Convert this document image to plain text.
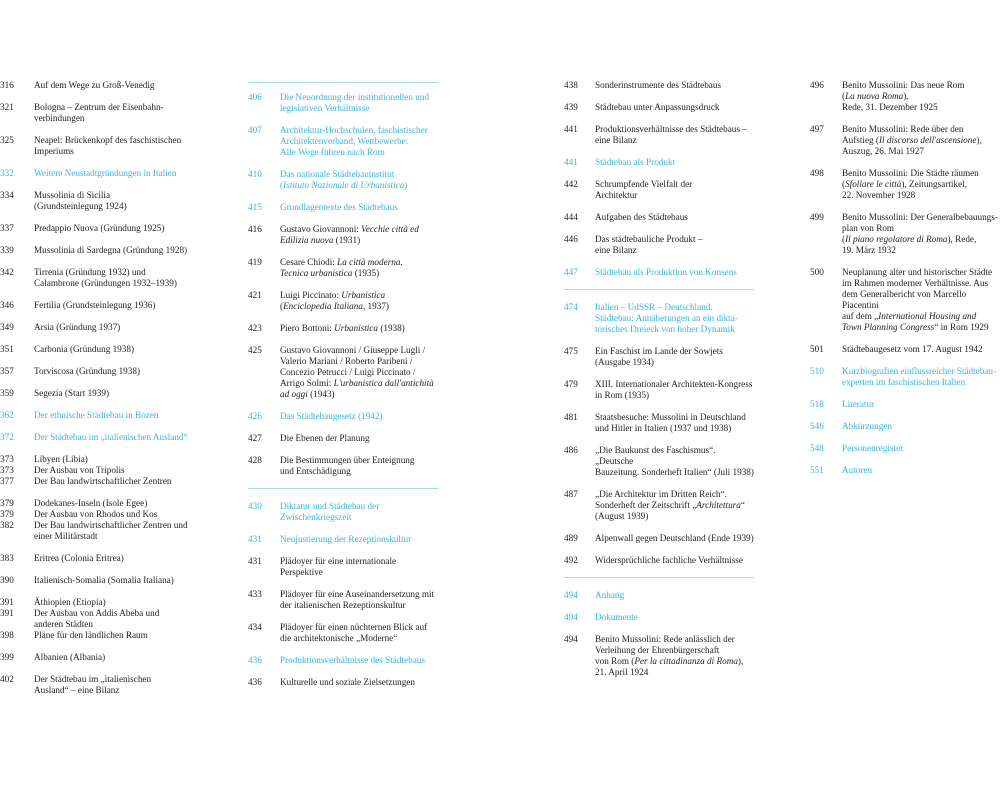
316	Auf dem Wege zu Groß-Venedig
321	Bologna – Zentrum der Eisenbahn-
verbindungen
325	Neapel: Brückenkopf des faschistischen
Imperiums
332	Weitere Neustadtgründungen in Italien
334	Mussolinia di Sicilia
(Grundsteinlegung 1924)
337	Predappio Nuova (Gründung 1925)
339	Mussolinia di Sardegna (Gründung 1928)
342	Tirrenia (Gründung 1932) und
Calambrone (Gründungen 1932–1939)
346	Fertilia (Grundsteinlegung 1936)
349	Arsia (Gründung 1937)
351	Carbonia (Gründung 1938)
357	Torviscosa (Gründung 1938)
359	Segezia (Start 1939)
362	Der ethnische Städtebau in Bozen
372	Der Städtebau im „italienischen Ausland“
373	Libyen (Libia)
373	Der Ausbau von Tripolis
377	Der Bau landwirtschaftlicher Zentren
379	Dodekanes-Inseln (Isole Egee)
379	Der Ausbau von Rhodos und Kos
382	Der Bau landwirtschaftlicher Zentren und
einer Militärstadt
383	Eritrea (Colonia Eritrea)
390	Italienisch-Somalia (Somalia Italiana)
391	Äthiopien (Etiopia)
391	Der Ausbau von Addis Abeba und
anderen Städten
398	Pläne für den ländlichen Raum
399	Albanien (Albania)
402	Der Städtebau im „italienischen
Ausland“ – eine Bilanz
406	Die Neuordnung der institutionellen und
legislativen Verhältnisse
407	Architektur-Hochschulen, faschistischer
Architektenverband, Wettbewerbe:
Alle Wege führen nach Rom
410	Das nationale Städtebauinstitut
(Istituto Nazionale di Urbanistica)
415	Grundlagentexte des Städtebaus
416	Gustavo Giovannoni: Vecchie città ed
Edilizia nuova (1931)
419	Cesare Chiodi: La città moderna.
Tecnica urbanistica (1935)
421	Luigi Piccinato: Urbanistica
(Enciclopedia Italiana, 1937)
423	Piero Bottoni: Urbanistica (1938)
425	Gustavo Giovannoni / Giuseppe Lugli /
Valerio Mariani / Roberto Paribeni /
Concezio Petrucci / Luigi Piccinato /
Arrigo Solmi: L'urbanistica dall'antichità
ad oggi (1943)
426	Das Städtebaugesetz (1942)
427	Die Ebenen der Planung
428	Die Bestimmungen über Enteignung
und Entschädigung
430	Diktatur und Städtebau der
Zwischenkriegszeit
431	Neujustierung der Rezeptionskultur
431	Plädoyer für eine internationale
Perspektive
433	Plädoyer für eine Auseinandersetzung mit
der italienischen Rezeptionskultur
434	Plädoyer für einen nüchternen Blick auf
die architektonische „Moderne“
436	Produktionsverhältnisse des Städtebaus
436	Kulturelle und soziale Zielsetzungen
438	Sonderinstrumente des Städtebaus
439	Städtebau unter Anpassungsdruck
441	Produktionsverhältnisse des Städtebaus –
eine Bilanz
441	Städtebau als Produkt
442	Schrumpfende Vielfalt der
Architektur
444	Aufgaben des Städtebaus
446	Das städtebauliche Produkt –
eine Bilanz
447	Städtebau als Produktion von Konsens
474	Italien – UdSSR – Deutschland.
Städtebau: Annäherungen an ein dikta-
torisches Dreieck von hoher Dynamik
475	Ein Faschist im Lande der Sowjets
(Ausgabe 1934)
479	XIII. Internationaler Architekten-Kongress
in Rom (1935)
481	Staatsbesuche: Mussolini in Deutschland
und Hitler in Italien (1937 und 1938)
486	„Die Baukunst des Faschismus“. „Deutsche
Bauzeitung. Sonderheft Italien“ (Juli 1938)
487	„Die Architektur im Dritten Reich“.
Sonderheft der Zeitschrift „Architettura“
(August 1939)
489	Alpenwall gegen Deutschland (Ende 1939)
492	Widersprüchliche fachliche Verhältnisse
494	Anhang
494	Dokumente
494	Benito Mussolini: Rede anlässlich der
Verleihung der Ehrenbürgerschaft
von Rom (Per la cittadinanza di Roma),
21. April 1924
496	Benito Mussolini: Das neue Rom
(La nuova Roma),
Rede, 31. Dezember 1925
497	Benito Mussolini: Rede über den
Aufstieg (Il discorso dell'ascensione),
Auszug, 26. Mai 1927
498	Benito Mussolini: Die Städte räumen
(Sfollare le città), Zeitungsartikel,
22. November 1928
499	Benito Mussolini: Der Generalbebauungs-
plan von Rom
(Il piano regolatore di Roma), Rede,
19. März 1932
500	Neuplanung alter und historischer Städte
im Rahmen moderner Verhältnisse. Aus
dem Generalbericht von Marcello Piacentini
auf dem „International Housing and
Town Planning Congress“ in Rom 1929
501	Städtebaugesetz vom 17. August 1942
510	Kurzbiografien einflussreicher Städtebau-
experten im faschistischen Italien
518	Literatur
546	Abkürzungen
548	Personenregister
551	Autoren
